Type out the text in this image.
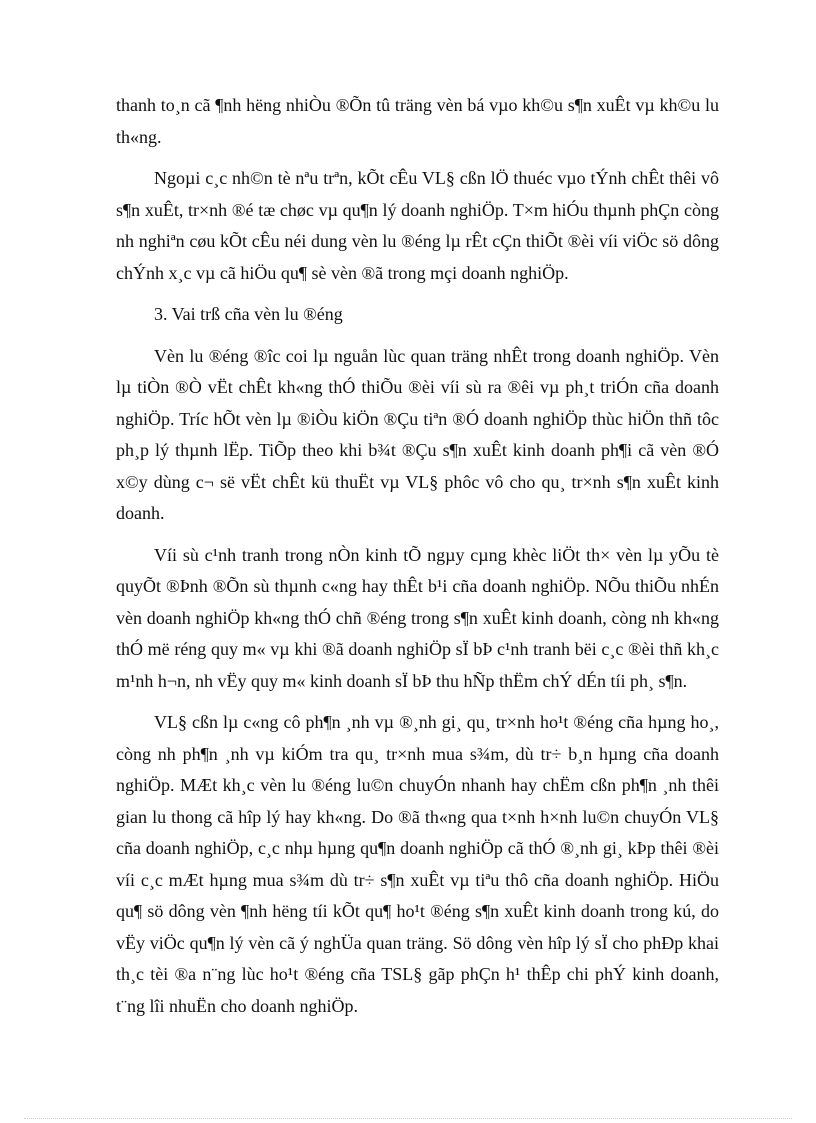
thanh to¸n cã ¶nh hëng nhiÒu ®Õn tû träng vèn bá vµo kh©u s¶n xuÊt vµ kh©u lu th«ng.

Ngoµi c¸c nh©n tè nªu trªn, kÕt cÊu VL§ cßn lÖ thuéc vµo tÝnh chÊt thêi vô s¶n xuÊt, tr×nh ®é tæ chøc vµ qu¶n lý doanh nghiÖp. T×m hiÓu thµnh phÇn còng nh nghiªn cøu kÕt cÊu néi dung vèn lu ®éng lµ rÊt cÇn thiÕt ®èi víi viÖc sö dông chÝnh x¸c vµ cã hiÖu qu¶ sè vèn ®ã trong mçi doanh nghiÖp.

3. Vai trß cña vèn lu ®éng

Vèn lu ®éng ®îc coi lµ nguån lùc quan träng nhÊt trong doanh nghiÖp. Vèn lµ tiÒn ®Ò vËt chÊt kh«ng thÓ thiÕu ®èi víi sù ra ®êi vµ ph¸t triÓn cña doanh nghiÖp. Tríc hÕt vèn lµ ®iÒu kiÖn ®Çu tiªn ®Ó doanh nghiÖp thùc hiÖn thñ tôc ph¸p lý thµnh lËp. TiÕp theo khi b¾t ®Çu s¶n xuÊt kinh doanh ph¶i cã vèn ®Ó x©y dùng c¬ së vËt chÊt kü thuËt vµ VL§ phôc vô cho qu¸ tr×nh s¶n xuÊt kinh doanh.

Víi sù c¹nh tranh trong nÒn kinh tÕ ngµy cµng khèc liÖt th× vèn lµ yÕu tè quyÕt ®Þnh ®Õn sù thµnh c«ng hay thÊt b¹i cña doanh nghiÖp. NÕu thiÕu nhÉn vèn doanh nghiÖp kh«ng thÓ chñ ®éng trong s¶n xuÊt kinh doanh, còng nh kh«ng thÓ më réng quy m« vµ khi ®ã doanh nghiÖp sÏ bÞ c¹nh tranh bëi c¸c ®èi thñ kh¸c m¹nh h¬n, nh vËy quy m« kinh doanh sÏ bÞ thu hÑp thËm chÝ dÉn tíi ph¸ s¶n.

VL§ cßn lµ c«ng cô ph¶n ¸nh vµ ®¸nh gi¸ qu¸ tr×nh ho¹t ®éng cña hµng ho¸, còng nh ph¶n ¸nh vµ kiÓm tra qu¸ tr×nh mua s¾m, dù tr÷ b¸n hµng cña doanh nghiÖp. MÆt kh¸c vèn lu ®éng lu©n chuyÓn nhanh hay chËm cßn ph¶n ¸nh thêi gian lu thong cã hîp lý hay kh«ng. Do ®ã th«ng qua t×nh h×nh lu©n chuyÓn VL§ cña doanh nghiÖp, c¸c nhµ hµng qu¶n doanh nghiÖp cã thÓ ®¸nh gi¸ kÞp thêi ®èi víi c¸c mÆt hµng mua s¾m dù tr÷ s¶n xuÊt vµ tiªu thô cña doanh nghiÖp. HiÖu qu¶ sö dông vèn ¶nh hëng tíi kÕt qu¶ ho¹t ®éng s¶n xuÊt kinh doanh trong kú, do vËy viÖc qu¶n lý vèn cã ý nghÜa quan träng. Sö dông vèn hîp lý sÏ cho phÐp khai th¸c tèi ®a n¨ng lùc ho¹t ®éng cña TSL§ gãp phÇn h¹ thÊp chi phÝ kinh doanh, t¨ng lîi nhuËn cho doanh nghiÖp.
